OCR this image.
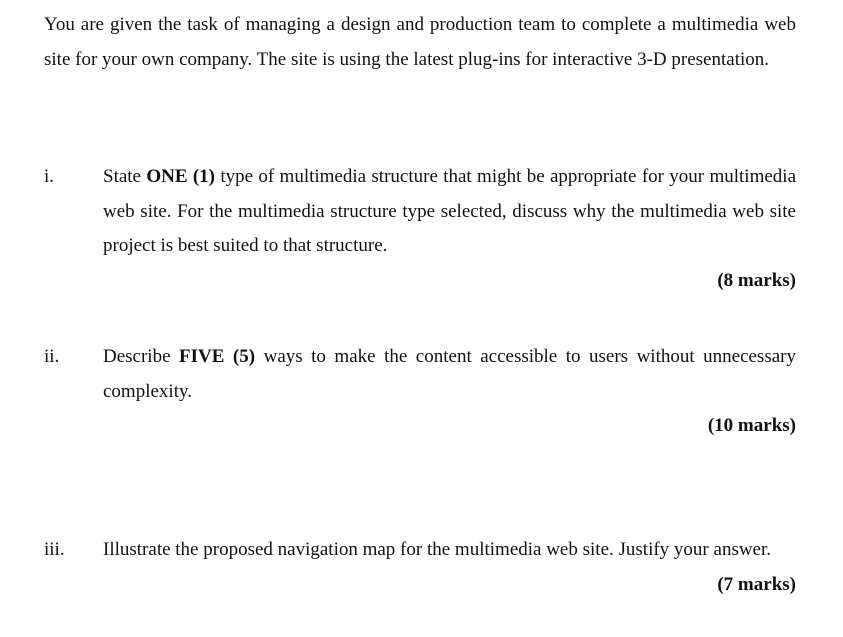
You are given the task of managing a design and production team to complete a multimedia web site for your own company. The site is using the latest plug-ins for interactive 3-D presentation.
i.	State ONE (1) type of multimedia structure that might be appropriate for your multimedia web site. For the multimedia structure type selected, discuss why the multimedia web site project is best suited to that structure.
(8 marks)
ii. Describe FIVE (5) ways to make the content accessible to users without unnecessary complexity.
(10 marks)
iii. Illustrate the proposed navigation map for the multimedia web site. Justify your answer.
(7 marks)
